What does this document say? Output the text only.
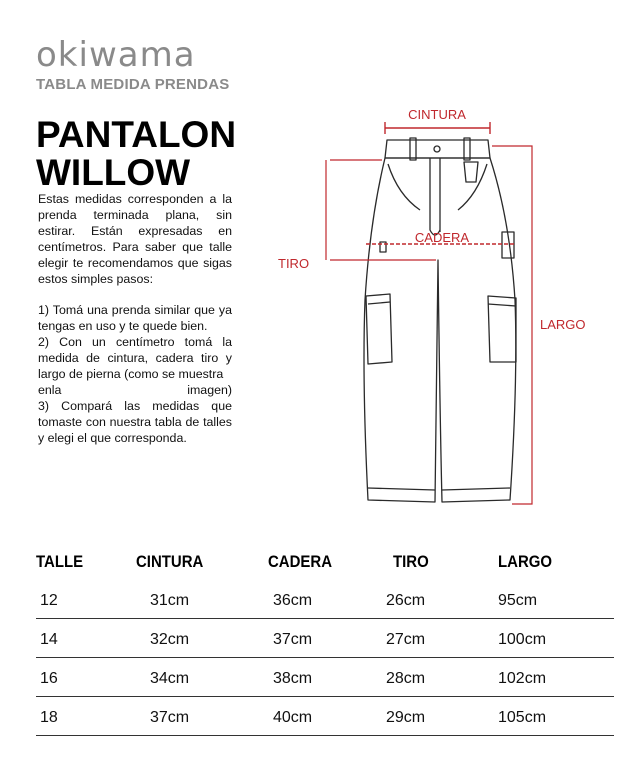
okiwama
TABLA MEDIDA PRENDAS
PANTALON
WILLOW

Estas medidas corresponden a la prenda terminada plana, sin estirar. Están expresadas en centímetros. Para saber que talle elegir te recomendamos que sigas estos simples pasos:

1) Tomá una prenda similar que ya tengas en uso y te quede bien.

2) Con un centímetro tomá la medida de cintura, cadera tiro y largo de pierna (como se muestra

enla imagen)

3) Compará las medidas que tomaste con nuestra tabla de talles y elegi el que corresponda.

CINTURA
CADERA
TIRO
LARGO
TALLE	CINTURA	CADERA	TIRO	LARGO
12	31cm	36cm	26cm	95cm
14	32cm	37cm	27cm	100cm
16	34cm	38cm	28cm	102cm
18	37cm	40cm	29cm	105cm
